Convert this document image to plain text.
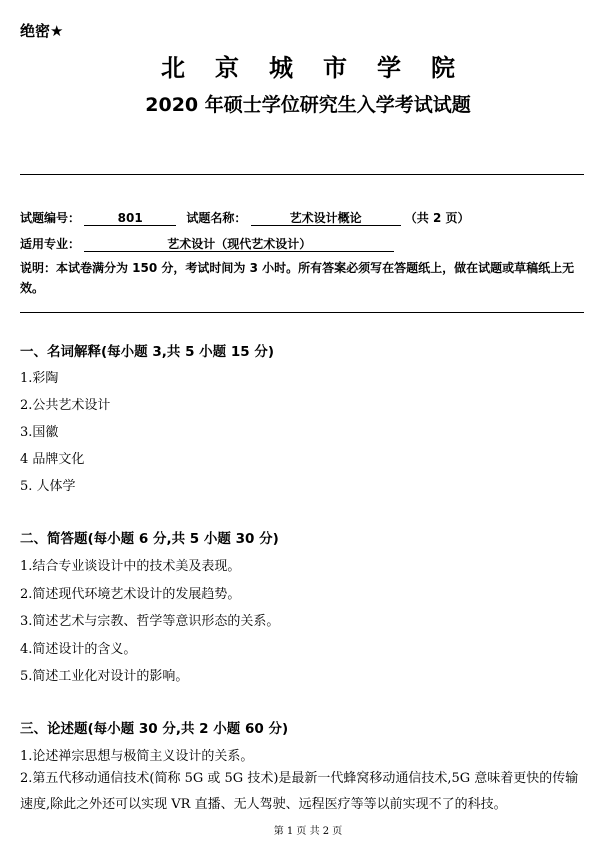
绝密★
北京城市学院
2020 年硕士学位研究生入学考试试题
试题编号：	801	试题名称：	艺术设计概论	（共 2 页）
适用专业：	艺术设计（现代艺术设计）
说明：本试卷满分为 150 分，考试时间为 3 小时。所有答案必须写在答题纸上，做在试题或草稿纸上无效。
一、名词解释(每小题 3,共 5 小题 15 分)
1.彩陶
2.公共艺术设计
3.国徽
4 品牌文化
5. 人体学
二、简答题(每小题 6 分,共 5 小题 30 分)
1.结合专业谈设计中的技术美及表现。
2.简述现代环境艺术设计的发展趋势。
3.简述艺术与宗教、哲学等意识形态的关系。
4.简述设计的含义。
5.简述工业化对设计的影响。
三、论述题(每小题 30 分,共 2 小题 60 分)
1.论述禅宗思想与极简主义设计的关系。
2.第五代移动通信技术(简称 5G 或 5G 技术)是最新一代蜂窝移动通信技术,5G 意味着更快的传输速度,除此之外还可以实现 VR 直播、无人驾驶、远程医疗等等以前实现不了的科技。
第 1 页 共 2 页
